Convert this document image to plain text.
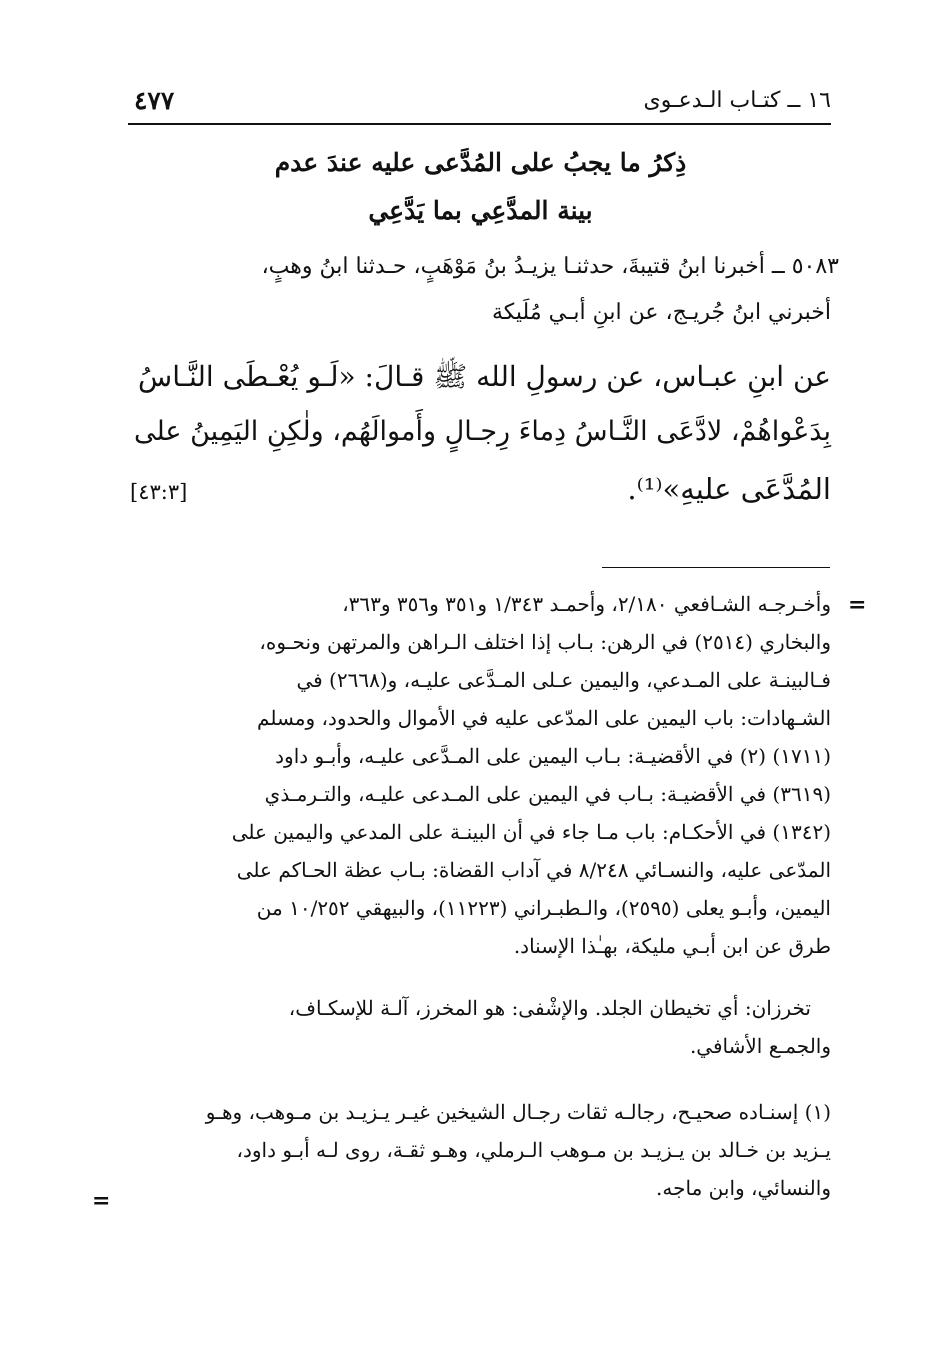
٤٧٧	١٦ ــ كتـاب الـدعـوى
ذِكرُ ما يجبُ على المُدَّعى عليه عندَ عدم
بينة المدَّعِي بما يَدَّعِي
٥٠٨٣ ــ أخبرنا ابنُ قتيبةَ، حدثنـا يزيـدُ بنُ مَوْهَبٍ، حـدثنا ابنُ وهبٍ،
أخبرني ابنُ جُريـج، عن ابنِ أبـي مُلَيكة
عن ابنِ عبـاس، عن رسولِ الله ﷺ قـالَ: «لَـو يُعْـطَى النَّـاسُ
بِدَعْواهُمْ، لادَّعَى النَّـاسُ دِماءَ رِجـالٍ وأَموالَهُم، ولٰكِنِ اليَمِينُ على
المُدَّعَى عليهِ»⁽¹⁾.
[٤٣:٣]
=
وأخـرجـه الشـافعي ٢/١٨٠، وأحمـد ١/٣٤٣ و٣٥١ و٣٥٦ و٣٦٣،
والبخاري (٢٥١٤) في الرهن: بـاب إذا اختلف الـراهن والمرتهن ونحـوه،
فـالبينـة على المـدعي، واليمين عـلى المـدَّعى عليـه، و(٢٦٦٨) في
الشـهادات: باب اليمين على المدّعى عليه في الأموال والحدود، ومسلم
(١٧١١) (٢) في الأقضيـة: بـاب اليمين على المـدَّعى عليـه، وأبـو داود
(٣٦١٩) في الأقضيـة: بـاب في اليمين على المـدعى عليـه، والتـرمـذي
(١٣٤٢) في الأحكـام: باب مـا جاء في أن البينـة على المدعي واليمين على
المدّعى عليه، والنسـائي ٨/٢٤٨ في آداب القضاة: بـاب عظة الحـاكم على
اليمين، وأبـو يعلى (٢٥٩٥)، والـطبـراني (١١٢٢٣)، والبيهقي ١٠/٢٥٢ من
طرق عن ابن أبـي مليكة، بهـٰذا الإسناد.
تخرزان: أي تخيطان الجلد. والإشْفى: هو المخرز، آلـة للإسكـاف،
والجمـع الأشافي.
(١) إسنـاده صحيـح، رجالـه ثقات رجـال الشيخين غيـر يـزيـد بن مـوهب، وهـو
يـزيد بن خـالد بن يـزيـد بن مـوهب الـرملي، وهـو ثقـة، روى لـه أبـو داود،
والنسائي، وابن ماجه.
=
